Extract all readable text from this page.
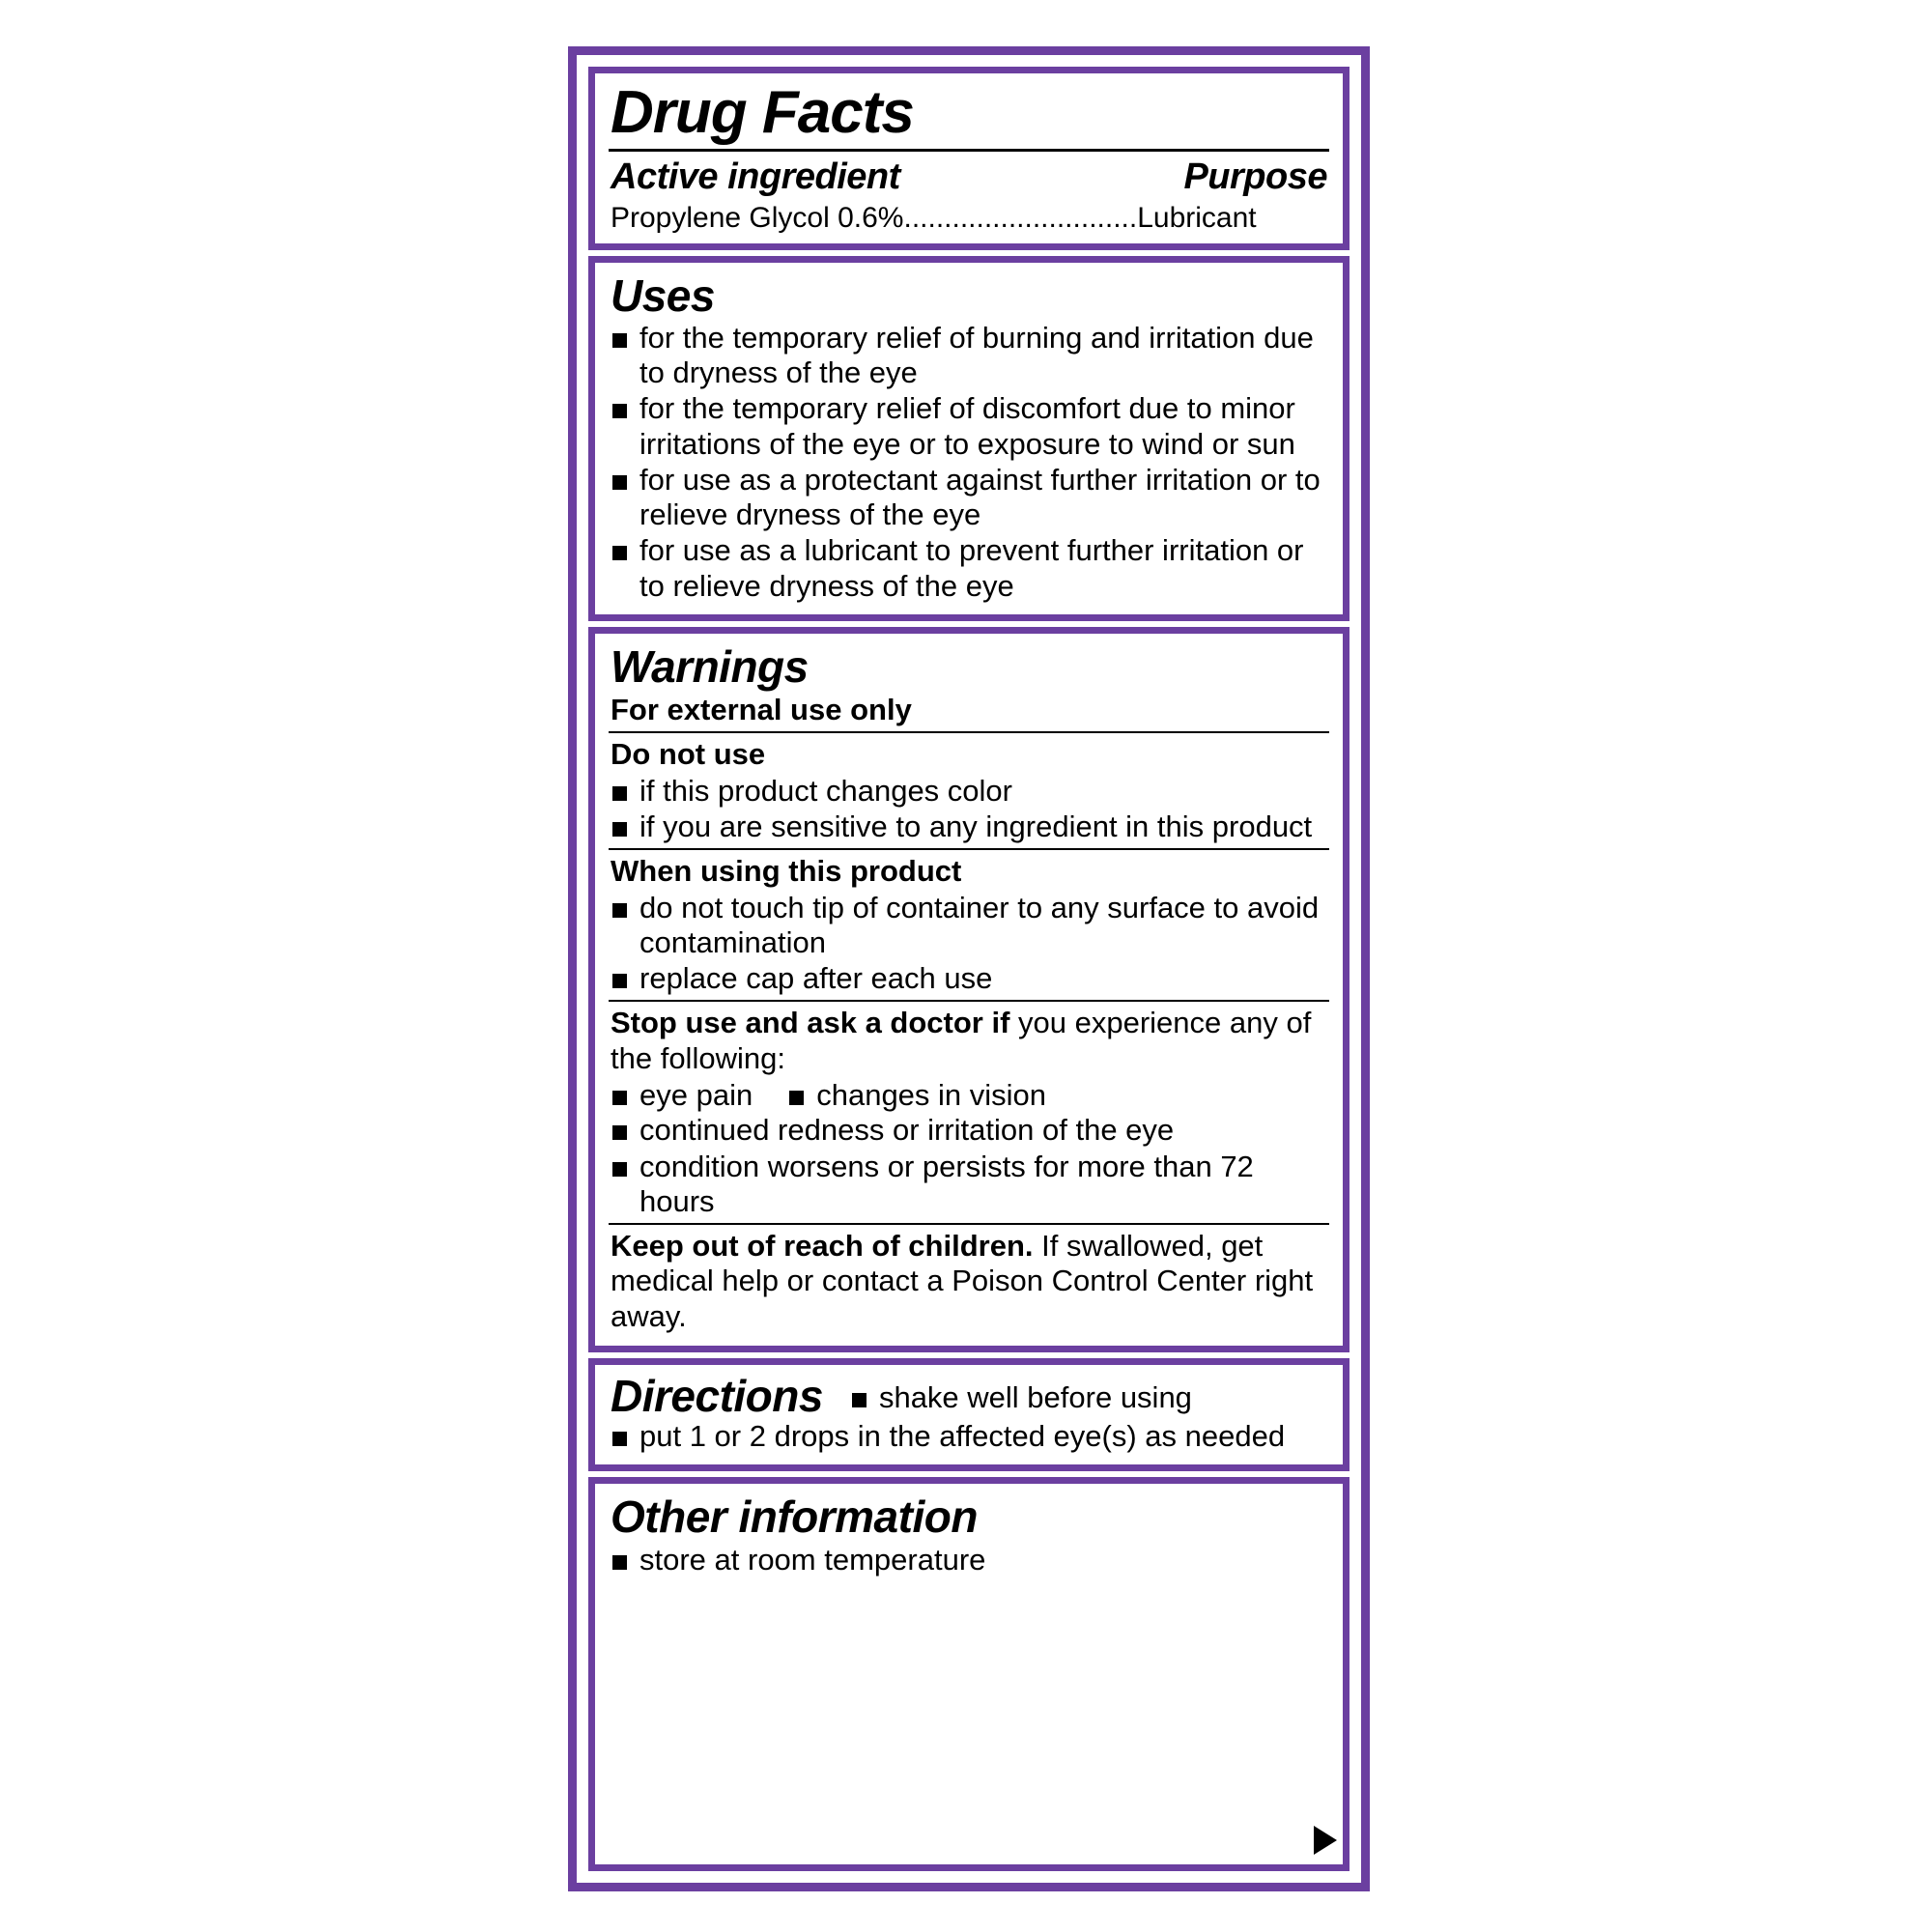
Drug Facts
Active ingredient	Purpose
Propylene Glycol 0.6%.............................Lubricant
Uses
for the temporary relief of burning and irritation due to dryness of the eye
for the temporary relief of discomfort due to minor irritations of the eye or to exposure to wind or sun
for use as a protectant against further irritation or to relieve dryness of the eye
for use as a lubricant to prevent further irritation or to relieve dryness of the eye
Warnings
For external use only
Do not use
if this product changes color
if you are sensitive to any ingredient in this product
When using this product
do not touch tip of container to any surface to avoid contamination
replace cap after each use
Stop use and ask a doctor if you experience any of the following:
eye pain	changes in vision
continued redness or irritation of the eye
condition worsens or persists for more than 72 hours
Keep out of reach of children. If swallowed, get medical help or contact a Poison Control Center right away.
Directions	shake well before using
put 1 or 2 drops in the affected eye(s) as needed
Other information
store at room temperature
